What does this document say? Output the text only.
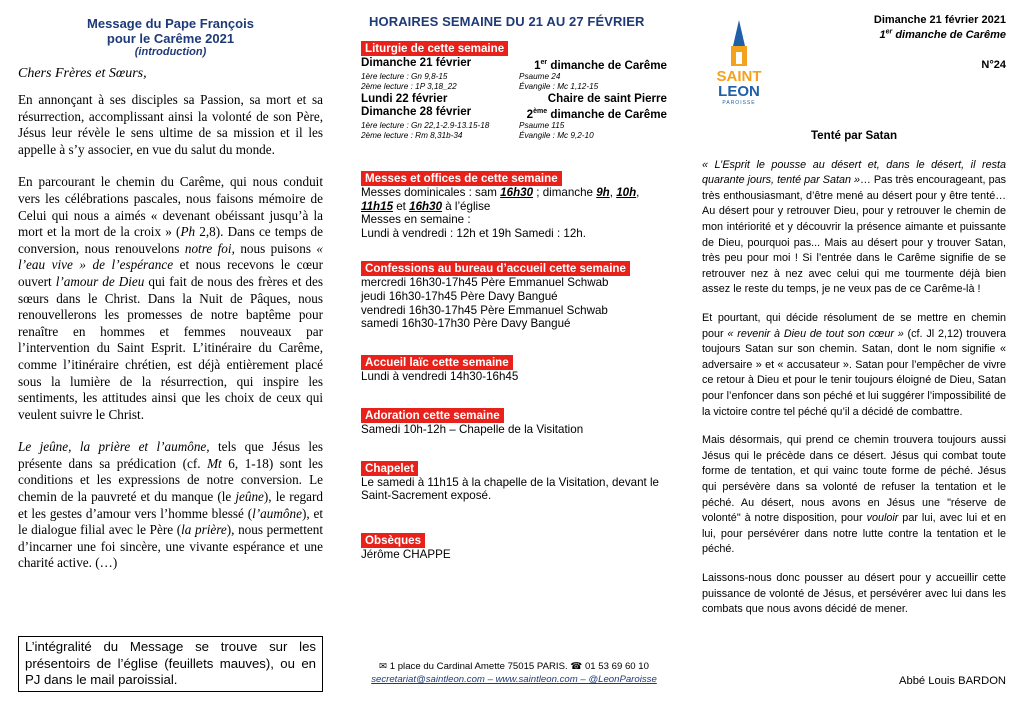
Message du Pape François
pour le Carême 2021
(introduction)
Chers Frères et Sœurs,

En annonçant à ses disciples sa Passion, sa mort et sa résurrection, accomplissant ainsi la volonté de son Père, Jésus leur révèle le sens ultime de sa mission et il les appelle à s’y associer, en vue du salut du monde.

En parcourant le chemin du Carême, qui nous conduit vers les célébrations pascales, nous faisons mémoire de Celui qui nous a aimés « devenant obéissant jusqu’à la mort et la mort de la croix » (Ph 2,8). Dans ce temps de conversion, nous renouvelons notre foi, nous puisons « l’eau vive » de l’espérance et nous recevons le cœur ouvert l’amour de Dieu qui fait de nous des frères et des sœurs dans le Christ. Dans la Nuit de Pâques, nous renouvellerons les promesses de notre baptême pour renaître en hommes et femmes nouveaux par l’intervention du Saint Esprit. L’itinéraire du Carême, comme l’itinéraire chrétien, est déjà entièrement placé sous la lumière de la résurrection, qui inspire les sentiments, les attitudes ainsi que les choix de ceux qui veulent suivre le Christ.

Le jeûne, la prière et l’aumône, tels que Jésus les présente dans sa prédication (cf. Mt 6, 1-18) sont les conditions et les expressions de notre conversion. Le chemin de la pauvreté et du manque (le jeûne), le regard et les gestes d’amour vers l’homme blessé (l’aumône), et le dialogue filial avec le Père (la prière), nous permettent d’incarner une foi sincère, une vivante espérance et une charité active. (…)

L’intégralité du Message se trouve sur les présentoirs de l’église (feuillets mauves), ou en PJ dans le mail paroissial.
HORAIRES SEMAINE DU 21 AU 27 FÉVRIER
Liturgie de cette semaine
Dimanche 21 février	1er dimanche de Carême
1ère lecture : Gn 9,8-15	Psaume 24
2ème lecture : 1P 3,18_22	Évangile : Mc 1,12-15
Lundi 22 février	Chaire de saint Pierre
Dimanche 28 février	2ème dimanche de Carême
1ère lecture : Gn 22,1-2.9-13.15-18	Psaume 115
2ème lecture : Rm 8,31b-34	Évangile : Mc 9,2-10
Messes et offices de cette semaine
Messes dominicales : sam 16h30 ; dimanche 9h, 10h,
11h15 et 16h30 à l’église
Messes en semaine :
Lundi à vendredi : 12h et 19h Samedi : 12h.
Confessions au bureau d’accueil cette semaine
mercredi 16h30-17h45 Père Emmanuel Schwab
jeudi 16h30-17h45 Père Davy Bangué
vendredi 16h30-17h45 Père Emmanuel Schwab
samedi 16h30-17h30 Père Davy Bangué
Accueil laïc cette semaine
Lundi à vendredi 14h30-16h45
Adoration cette semaine
Samedi 10h-12h – Chapelle de la Visitation
Chapelet
Le samedi à 11h15 à la chapelle de la Visitation, devant le Saint-Sacrement exposé.
Obsèques
Jérôme CHAPPE
✉ 1 place du Cardinal Amette 75015 PARIS. ☎ 01 53 69 60 10
secretariat@saintleon.com – www.saintleon.com – @LeonParoisse
SAINT
LEON
PAROISSE
Dimanche 21 février 2021
1er dimanche de Carême
N°24
Tenté par Satan

« L’Esprit le pousse au désert et, dans le désert, il resta quarante jours, tenté par Satan »… Pas très encourageant, pas très enthousiasmant, d’être mené au désert pour y être tenté… Au désert pour y retrouver Dieu, pour y retrouver le chemin de mon intériorité et y découvrir la présence aimante et puissante de Dieu, pourquoi pas... Mais au désert pour y trouver Satan, très peu pour moi ! Si l’entrée dans le Carême signifie de se retrouver nez à nez avec celui qui me tourmente déjà bien assez le reste du temps, je ne veux pas de ce Carême-là !

Et pourtant, qui décide résolument de se mettre en chemin pour « revenir à Dieu de tout son cœur » (cf. Jl 2,12) trouvera toujours Satan sur son chemin. Satan, dont le nom signifie « adversaire » et « accusateur ». Satan pour l’empêcher de vivre ce retour à Dieu et pour le tenir toujours éloigné de Dieu, Satan pour l’enfoncer dans son péché et lui suggérer l’impossibilité de la victoire contre tel péché qu’il a décidé de combattre.

Mais désormais, qui prend ce chemin trouvera toujours aussi Jésus qui le précède dans ce désert. Jésus qui combat toute forme de tentation, et qui vainc toute forme de péché. Jésus qui persévère dans sa volonté de refuser la tentation et le péché. Au désert, nous avons en Jésus une "réserve de volonté" à notre disposition, pour vouloir par lui, avec lui et en lui, pour persévérer dans notre lutte contre la tentation et le péché.

Laissons-nous donc pousser au désert pour y accueillir cette puissance de volonté de Jésus, et persévérer avec lui dans les combats que nous avons décidé de mener.

Abbé Louis BARDON
